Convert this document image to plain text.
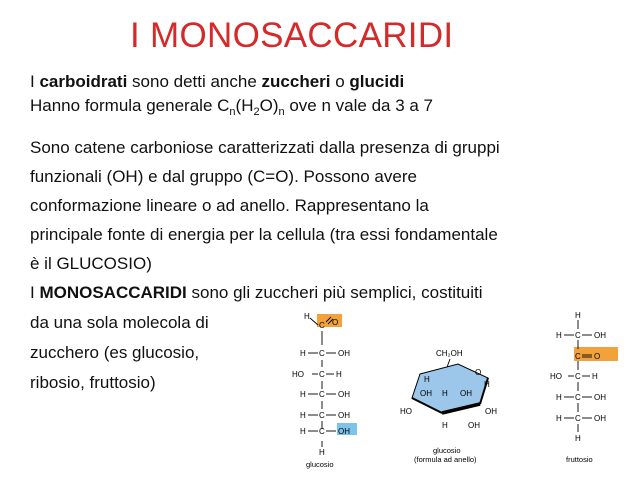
I MONOSACCARIDI
I carboidrati sono detti anche zuccheri o glucidi
Hanno formula generale $C_n(H_2O)_n$ ove n vale da 3 a 7
Sono catene carboniose caratterizzati dalla presenza di gruppi
funzionali (OH) e dal gruppo (C=O). Possono avere
conformazione lineare o ad anello. Rappresentano la
principale fonte di energia per la cellula (tra essi fondamentale
è il GLUCOSIO)
I MONOSACCARIDI sono gli zuccheri più semplici, costituiti
da una sola molecola di
zucchero (es glucosio,
ribosio, fruttosio)
H
O
C
H C OH
HO C H
H C OH
H C OH
H C OH
H
glucosio
CH₂OH
O
H
OH H OH
H
HO	OH
H	OH
glucosio
(formula ad anello)
H
H C OH
C O
HO C H
H C OH
H C OH
H
fruttosio
